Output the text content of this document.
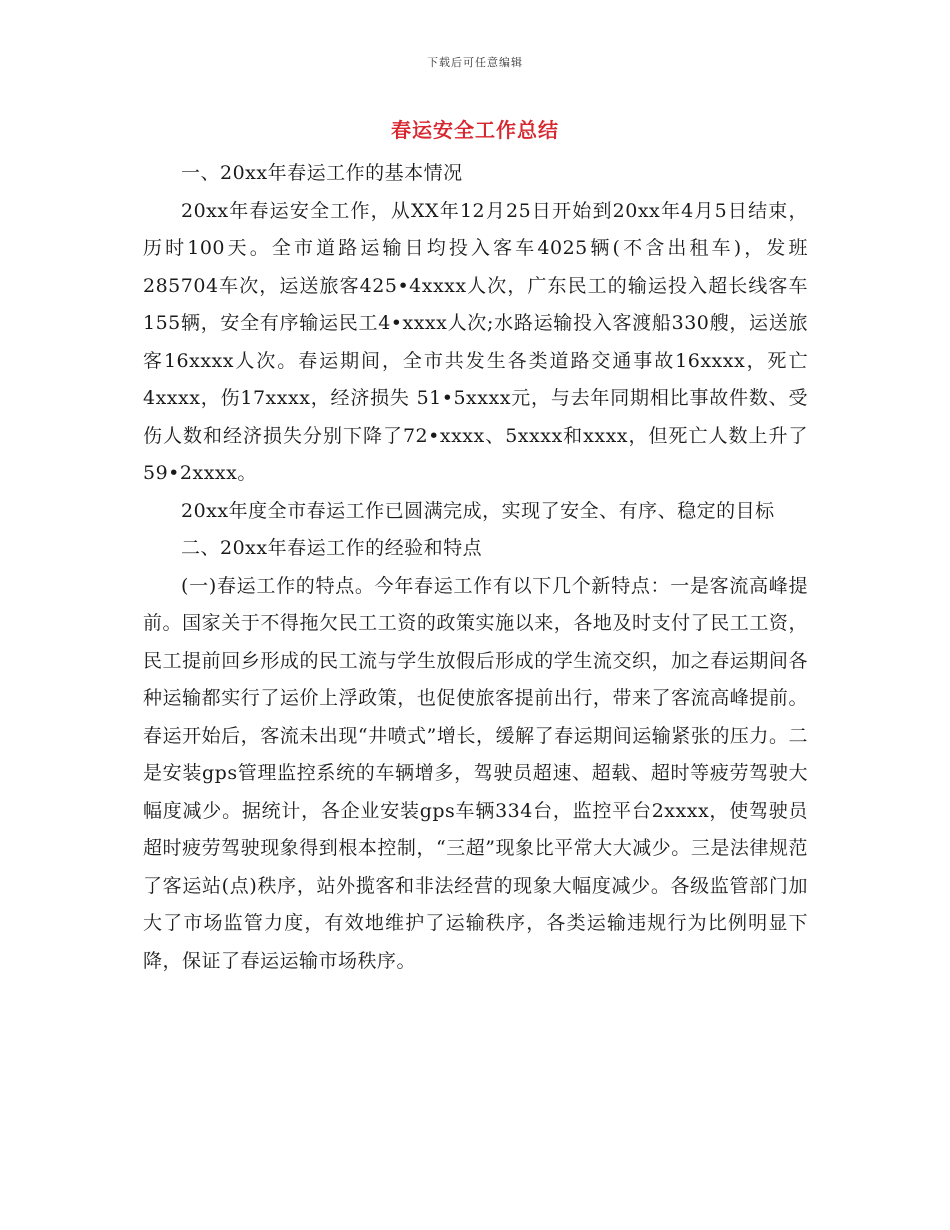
下载后可任意编辑
春运安全工作总结

一、20xx年春运工作的基本情况

20xx年春运安全工作，从XX年12月25日开始到20xx年4月5日结束，历时100天。全市道路运输日均投入客车4025辆(不含出租车)，发班285704车次，运送旅客425•4xxxx人次，广东民工的输运投入超长线客车155辆，安全有序输运民工4•xxxx人次;水路运输投入客渡船330艘，运送旅客16xxxx人次。春运期间，全市共发生各类道路交通事故16xxxx，死亡4xxxx，伤17xxxx，经济损失 51•5xxxx元，与去年同期相比事故件数、受伤人数和经济损失分别下降了72•xxxx、5xxxx和xxxx，但死亡人数上升了59•2xxxx。

20xx年度全市春运工作已圆满完成，实现了安全、有序、稳定的目标

二、20xx年春运工作的经验和特点

(一)春运工作的特点。今年春运工作有以下几个新特点：一是客流高峰提前。国家关于不得拖欠民工工资的政策实施以来，各地及时支付了民工工资，民工提前回乡形成的民工流与学生放假后形成的学生流交织，加之春运期间各种运输都实行了运价上浮政策，也促使旅客提前出行，带来了客流高峰提前。春运开始后，客流未出现“井喷式”增长，缓解了春运期间运输紧张的压力。二是安装gps管理监控系统的车辆增多，驾驶员超速、超载、超时等疲劳驾驶大幅度减少。据统计，各企业安装gps车辆334台，监控平台2xxxx，使驾驶员超时疲劳驾驶现象得到根本控制，“三超”现象比平常大大减少。三是法律规范了客运站(点)秩序，站外揽客和非法经营的现象大幅度减少。各级监管部门加大了市场监管力度，有效地维护了运输秩序，各类运输违规行为比例明显下降，保证了春运运输市场秩序。
